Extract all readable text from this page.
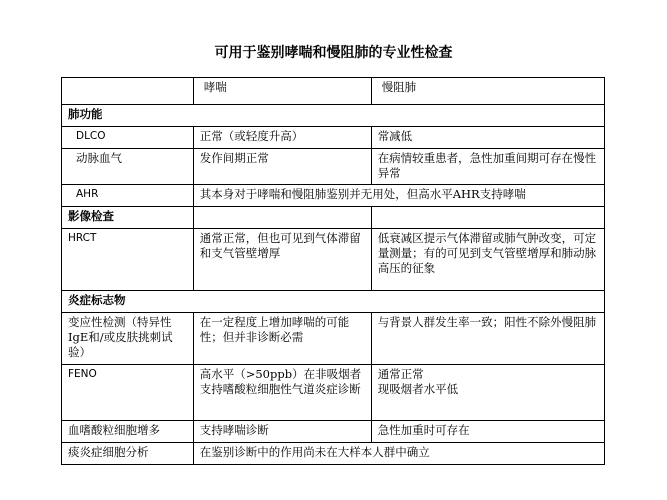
可用于鉴别哮喘和慢阻肺的专业性检查
	哮喘	慢阻肺
肺功能		
DLCO	正常（或轻度升高）	常减低
动脉血气	发作间期正常	在病情较重患者，急性加重间期可存在慢性异常
AHR	其本身对于哮喘和慢阻肺鉴别并无用处，但高水平AHR支持哮喘	
影像检查		
HRCT	通常正常，但也可见到气体滞留和支气管壁增厚	低衰减区提示气体滞留或肺气肿改变，可定量测量；有的可见到支气管壁增厚和肺动脉高压的征象
炎症标志物		
变应性检测（特异性IgE和/或皮肤挑刺试验）	在一定程度上增加哮喘的可能性；但并非诊断必需	与背景人群发生率一致；阳性不除外慢阻肺
FENO	高水平（>50ppb）在非吸烟者支持嗜酸粒细胞性气道炎症诊断	通常正常
现吸烟者水平低
血嗜酸粒细胞增多	支持哮喘诊断	急性加重时可存在
痰炎症细胞分析	在鉴别诊断中的作用尚未在大样本人群中确立	
